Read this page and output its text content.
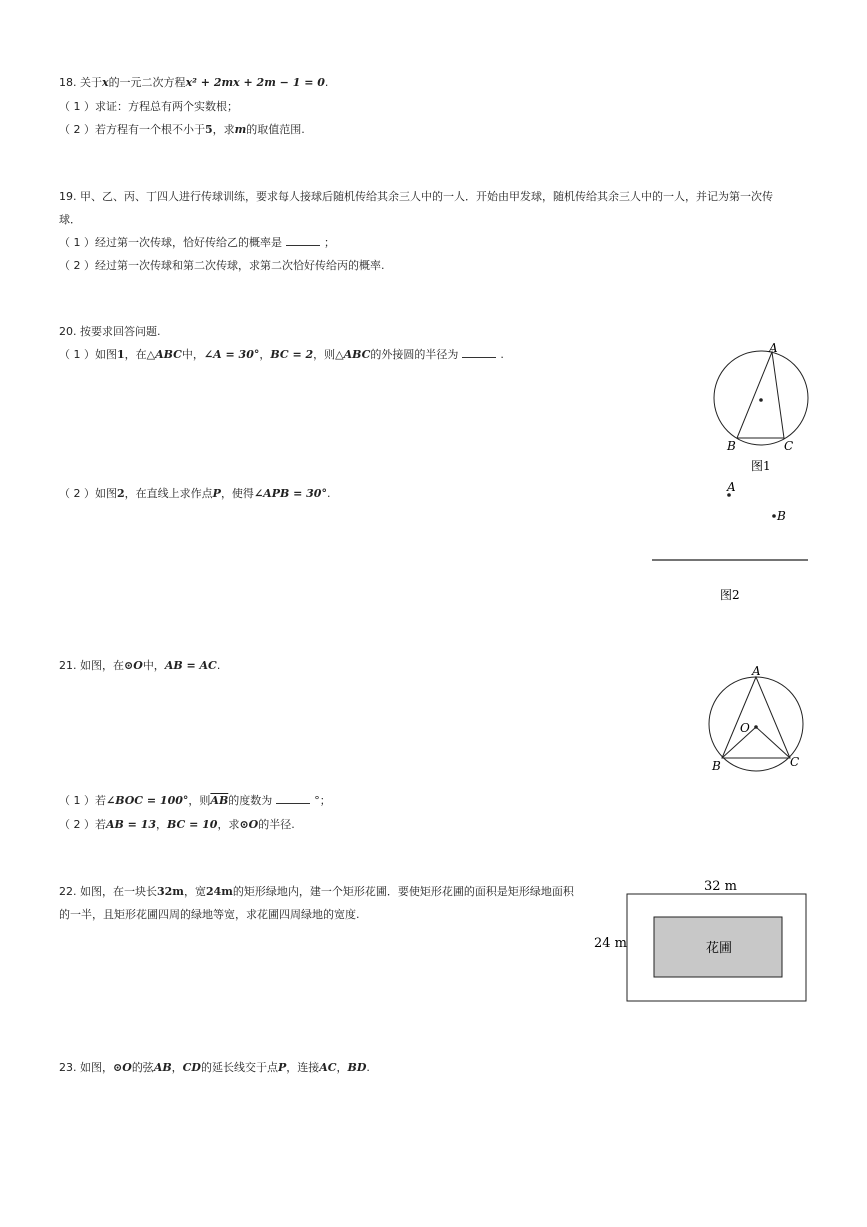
18. 关于x的一元二次方程x² + 2mx + 2m − 1 = 0.
（ 1 ）求证：方程总有两个实数根；
（ 2 ）若方程有一个根不小于5，求m的取值范围.
19. 甲、乙、丙、丁四人进行传球训练，要求每人接球后随机传给其余三人中的一人．开始由甲发球，随机传给其余三人中的一人，并记为第一次传
球．
（ 1 ）经过第一次传球，恰好传给乙的概率是	；
（ 2 ）经过第一次传球和第二次传球，求第二次恰好传给丙的概率.
20. 按要求回答问题.
（ 1 ）如图1，在△ABC中，∠A = 30°，BC = 2，则△ABC的外接圆的半径为	.	A
B	C
图1
（ 2 ）如图2，在直线上求作点P，使得∠APB = 30°.	A
B
图2
21. 如图，在⊙O中，AB = AC.	A
O
B	C
（ 1 ）若∠BOC = 100°，则$\overline{AB}$的度数为	°；
（ 2 ）若AB = 13，BC = 10，求⊙O的半径.
22. 如图，在一块长32m，宽24m的矩形绿地内，建一个矩形花圃．要使矩形花圃的面积是矩形绿地面积
的一半，且矩形花圃四周的绿地等宽，求花圃四周绿地的宽度.
32 m
24 m	花圃
23. 如图，⊙O的弦AB，CD的延长线交于点P，连接AC，BD.
